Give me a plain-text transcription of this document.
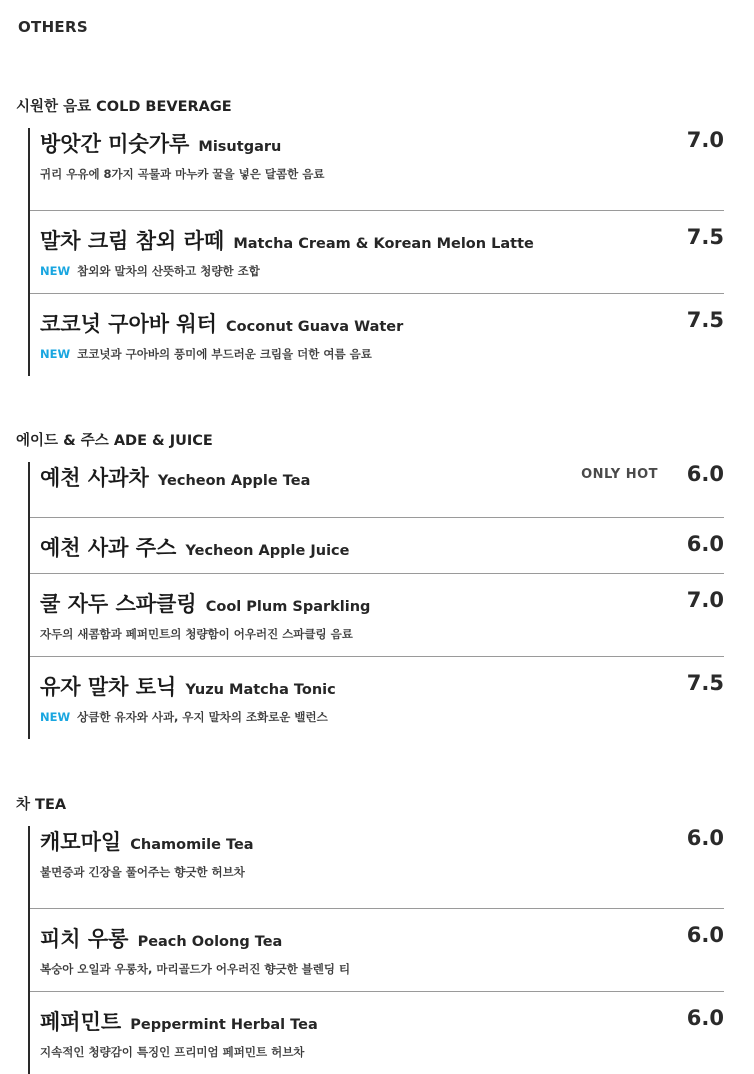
OTHERS
시원한 음료 COLD BEVERAGE
방앗간 미숫가루 Misutgaru	7.0
귀리 우유에 8가지 곡물과 마누카 꿀을 넣은 달콤한 음료
말차 크림 참외 라떼 Matcha Cream & Korean Melon Latte	7.5
NEW 참외와 말차의 산뜻하고 청량한 조합
코코넛 구아바 워터 Coconut Guava Water	7.5
NEW 코코넛과 구아바의 풍미에 부드러운 크림을 더한 여름 음료
에이드 & 주스 ADE & JUICE
예천 사과차 Yecheon Apple Tea	ONLY HOT 6.0
예천 사과 주스 Yecheon Apple Juice	6.0
쿨 자두 스파클링 Cool Plum Sparkling	7.0
자두의 새콤함과 페퍼민트의 청량함이 어우러진 스파클링 음료
유자 말차 토닉 Yuzu Matcha Tonic	7.5
NEW 상큼한 유자와 사과, 우지 말차의 조화로운 밸런스
차 TEA
캐모마일 Chamomile Tea	6.0
불면증과 긴장을 풀어주는 향긋한 허브차
피치 우롱 Peach Oolong Tea	6.0
복숭아 오일과 우롱차, 마리골드가 어우러진 향긋한 블렌딩 티
페퍼민트 Peppermint Herbal Tea	6.0
지속적인 청량감이 특징인 프리미엄 페퍼민트 허브차
